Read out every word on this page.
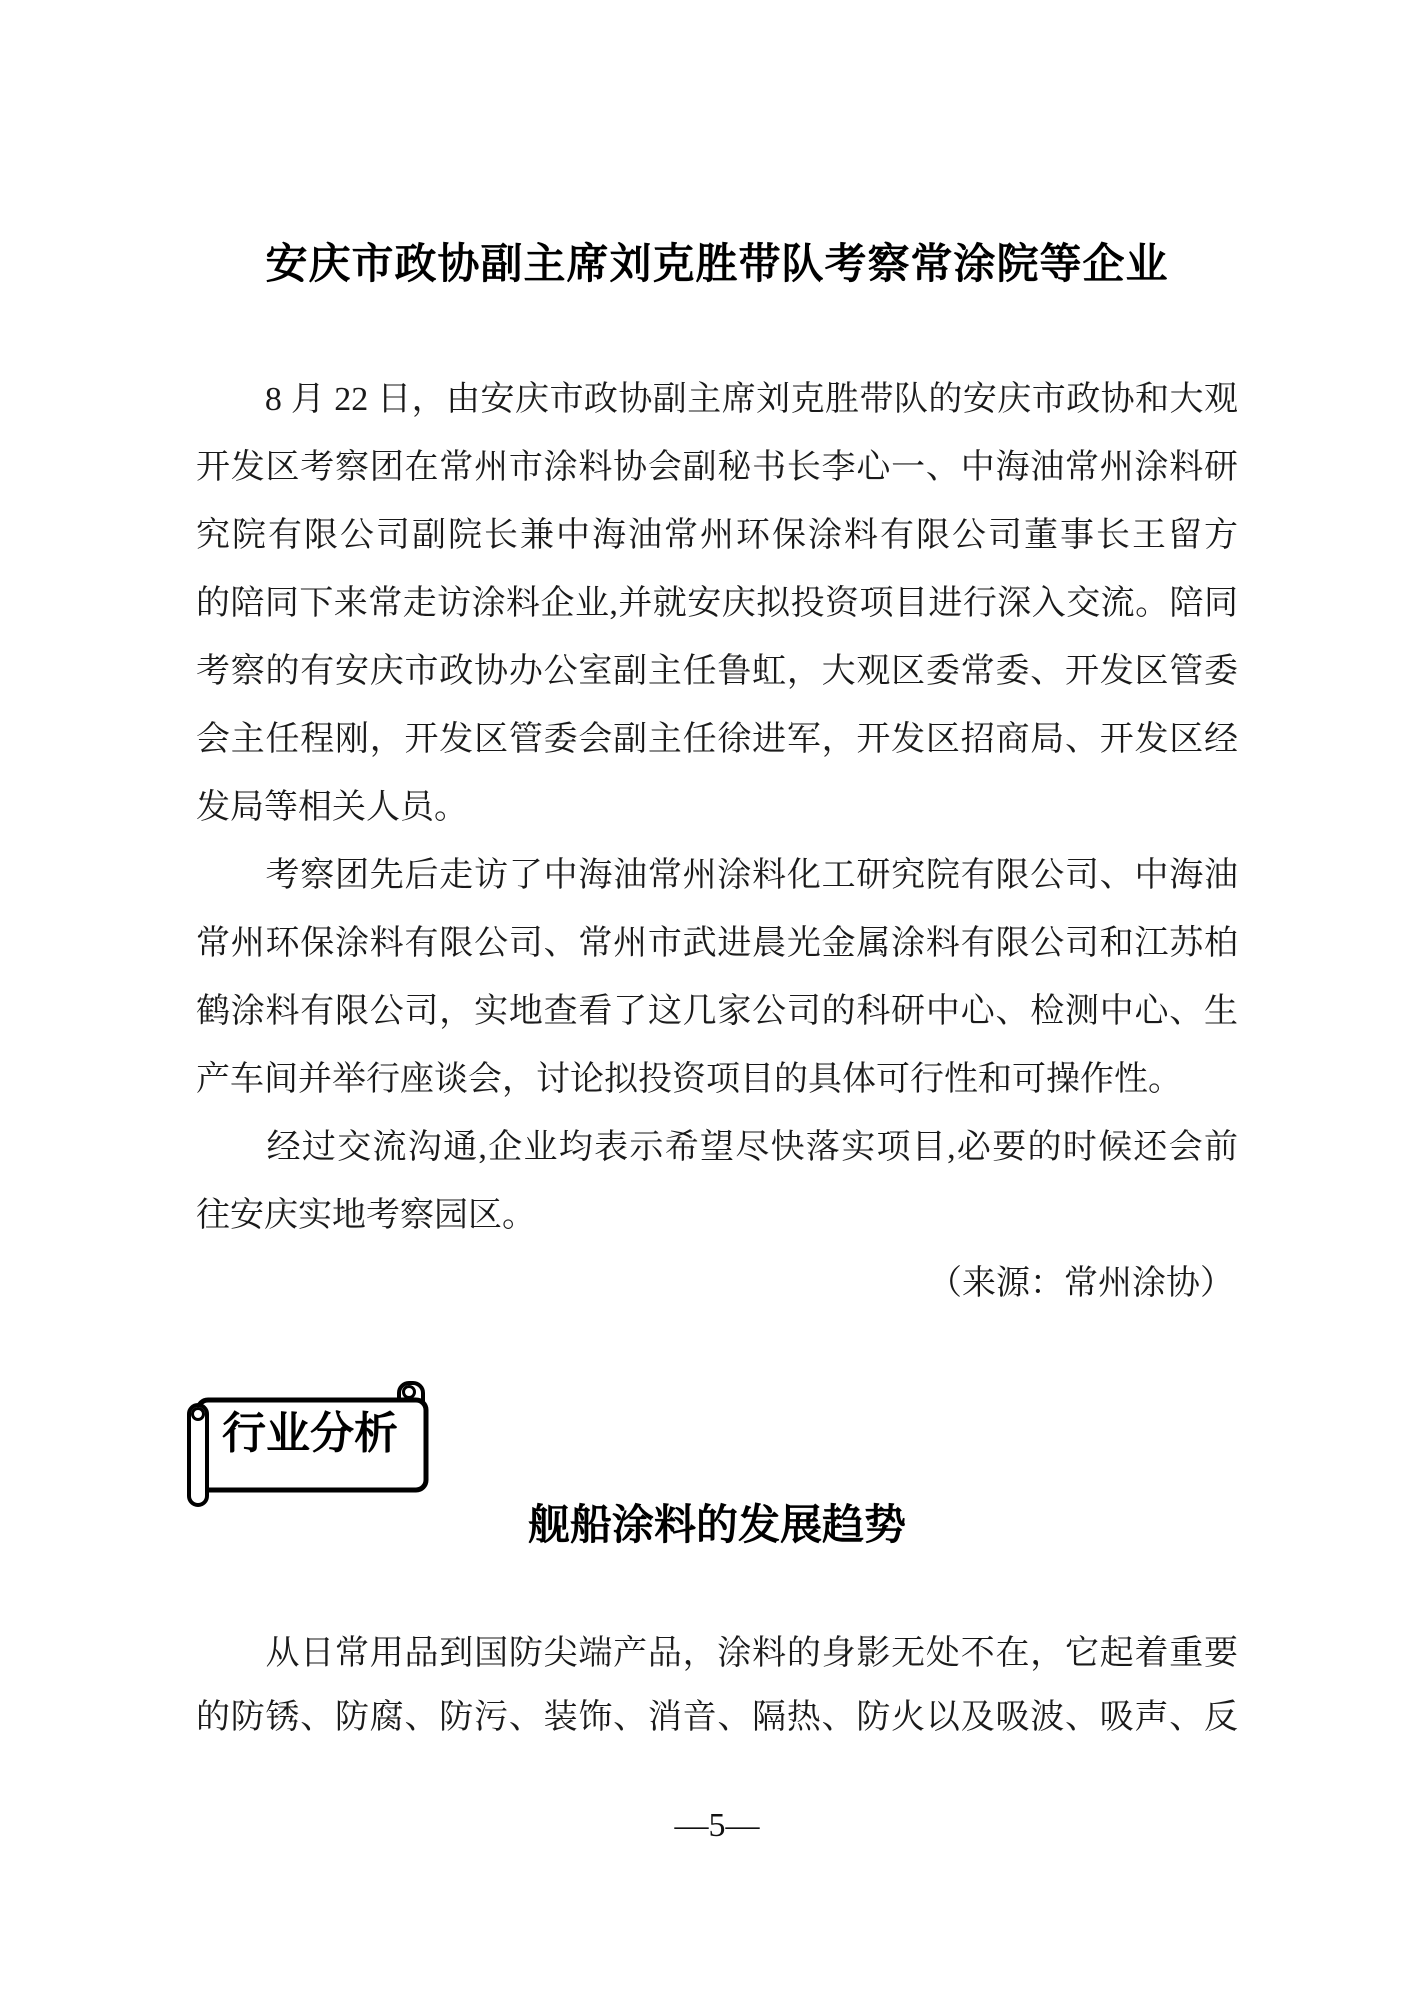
安庆市政协副主席刘克胜带队考察常涂院等企业
　　8 月 22 日，由安庆市政协副主席刘克胜带队的安庆市政协和大观
开发区考察团在常州市涂料协会副秘书长李心一、中海油常州涂料研
究院有限公司副院长兼中海油常州环保涂料有限公司董事长王留方
的陪同下来常走访涂料企业,并就安庆拟投资项目进行深入交流。陪同
考察的有安庆市政协办公室副主任鲁虹，大观区委常委、开发区管委
会主任程刚，开发区管委会副主任徐进军，开发区招商局、开发区经
发局等相关人员。
　　考察团先后走访了中海油常州涂料化工研究院有限公司、中海油
常州环保涂料有限公司、常州市武进晨光金属涂料有限公司和江苏柏
鹤涂料有限公司，实地查看了这几家公司的科研中心、检测中心、生
产车间并举行座谈会，讨论拟投资项目的具体可行性和可操作性。
　　经过交流沟通,企业均表示希望尽快落实项目,必要的时候还会前
往安庆实地考察园区。
（来源：常州涂协）
行业分析
舰船涂料的发展趋势
　　从日常用品到国防尖端产品，涂料的身影无处不在，它起着重要
的防锈、防腐、防污、装饰、消音、隔热、防火以及吸波、吸声、反
—5—
